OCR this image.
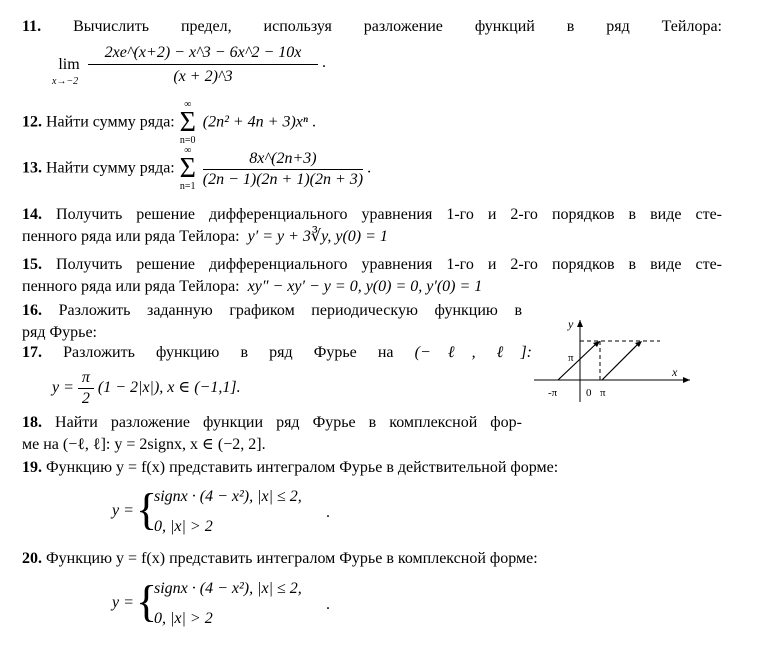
11. Вычислить предел, используя разложение функций в ряд Тейлора:
lim
x→−2
2xe^(x+2) − x^3 − 6x^2 − 10x
(x + 2)^3
.
12. Найти сумму ряда:
∞
Σ
n=0
(2n² + 4n + 3)xⁿ .
13. Найти сумму ряда:
∞
Σ
n=1
$\frac{8x\^{}(2n+3)}{(2n - 1)(2n + 1)(2n + 3)}$ .
14. Получить решение дифференциального уравнения 1-го и 2-го порядков в виде сте-
пенного ряда или ряда Тейлора: y′ = y + 3∛y, y(0) = 1
15. Получить решение дифференциального уравнения 1-го и 2-го порядков в виде сте-
пенного ряда или ряда Тейлора: xy″ − xy′ − y = 0, y(0) = 0, y′(0) = 1
16. Разложить заданную графиком периодическую функцию в
ряд Фурье:
17. Разложить функцию в ряд Фурье на (−ℓ, ℓ]:
$y = \frac{\pi}{2} (1 - 2|x|)$, x ∈ (−1,1].
y
x
π
-π	0 π
18. Найти разложение функции ряд Фурье в комплексной фор-
ме на (−ℓ, ℓ]: y = 2signx, x ∈ (−2, 2].
19. Функцию y = f(x) представить интегралом Фурье в действительной форме:
y = {
signx · (4 − x²), |x| ≤ 2,
0, |x| > 2
.
20. Функцию y = f(x) представить интегралом Фурье в комплексной форме:
y = {
signx · (4 − x²), |x| ≤ 2,
0, |x| > 2
.
